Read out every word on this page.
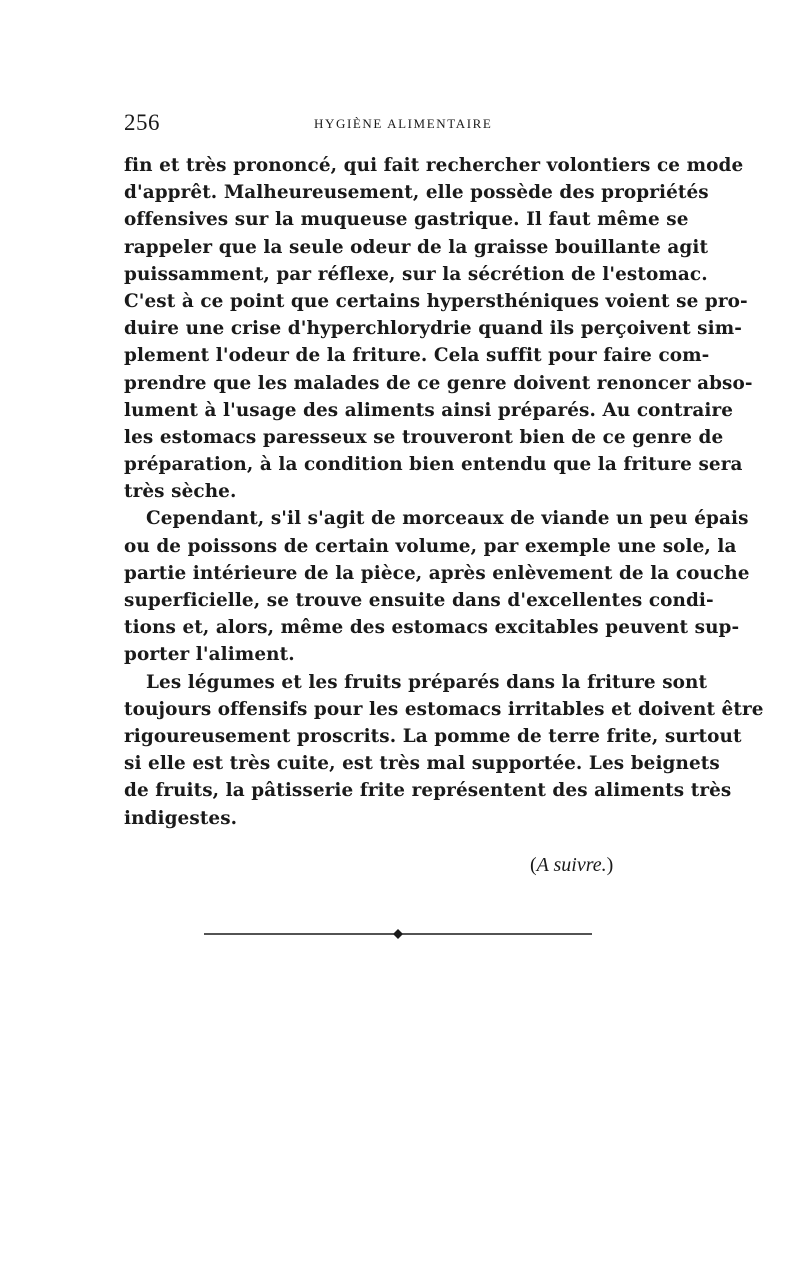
256	HYGIÈNE ALIMENTAIRE
fin et très prononcé, qui fait rechercher volontiers ce mode
d'apprêt. Malheureusement, elle possède des propriétés
offensives sur la muqueuse gastrique. Il faut même se
rappeler que la seule odeur de la graisse bouillante agit
puissamment, par réflexe, sur la sécrétion de l'estomac.
C'est à ce point que certains hypersthéniques voient se pro-
duire une crise d'hyperchlorydrie quand ils perçoivent sim-
plement l'odeur de la friture. Cela suffit pour faire com-
prendre que les malades de ce genre doivent renoncer abso-
lument à l'usage des aliments ainsi préparés. Au contraire
les estomacs paresseux se trouveront bien de ce genre de
préparation, à la condition bien entendu que la friture sera
très sèche.
Cependant, s'il s'agit de morceaux de viande un peu épais
ou de poissons de certain volume, par exemple une sole, la
partie intérieure de la pièce, après enlèvement de la couche
superficielle, se trouve ensuite dans d'excellentes condi-
tions et, alors, même des estomacs excitables peuvent sup-
porter l'aliment.
Les légumes et les fruits préparés dans la friture sont
toujours offensifs pour les estomacs irritables et doivent être
rigoureusement proscrits. La pomme de terre frite, surtout
si elle est très cuite, est très mal supportée. Les beignets
de fruits, la pâtisserie frite représentent des aliments très
indigestes.
(A suivre.)
